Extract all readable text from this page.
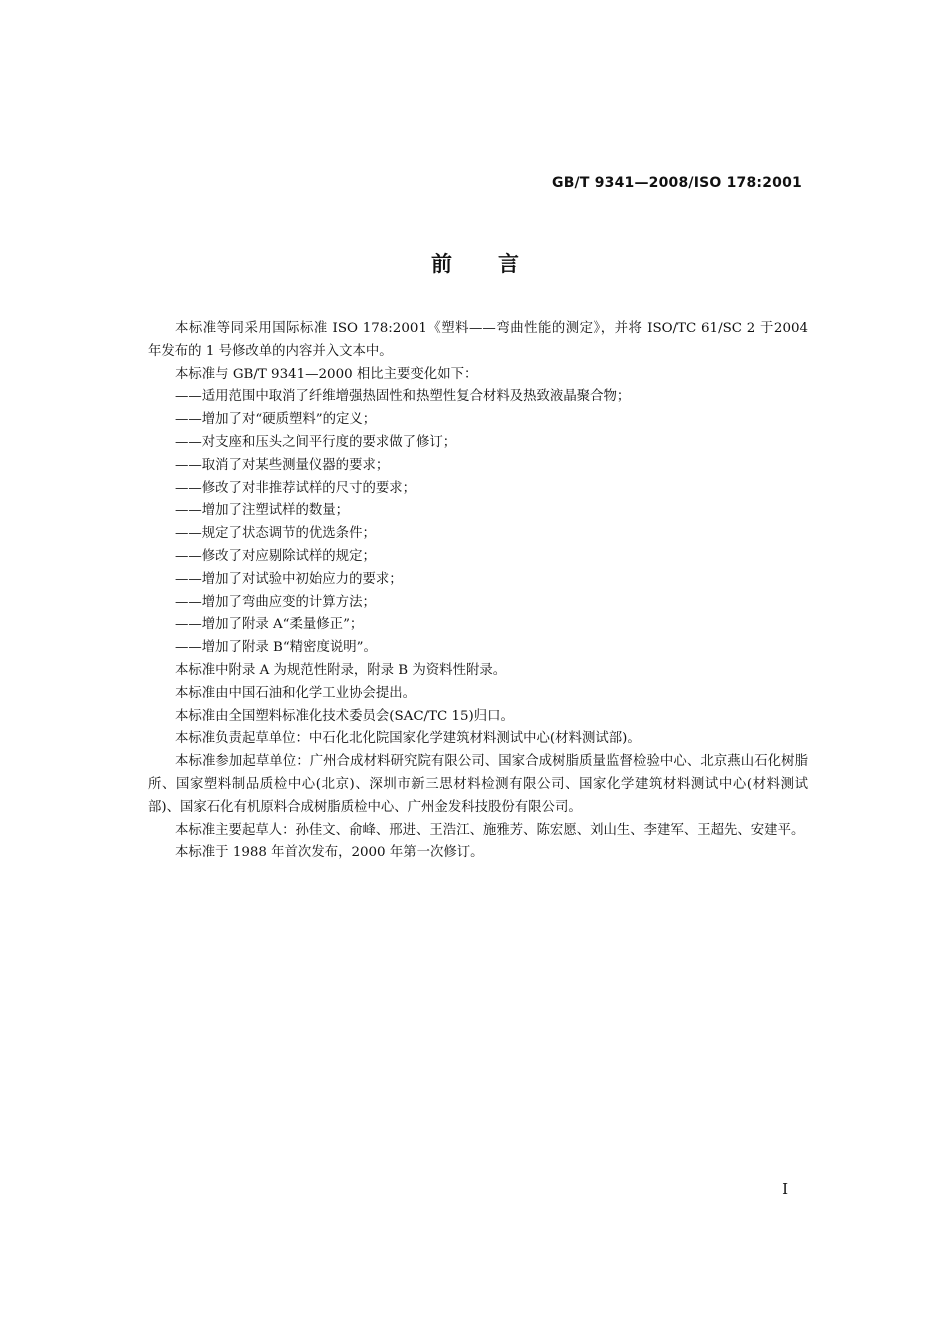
GB/T 9341—2008/ISO 178:2001
前 言

本标准等同采用国际标准 ISO 178:2001《塑料——弯曲性能的测定》，并将 ISO/TC 61/SC 2 于2004 年发布的 1 号修改单的内容并入文本中。

本标准与 GB/T 9341—2000 相比主要变化如下：

——适用范围中取消了纤维增强热固性和热塑性复合材料及热致液晶聚合物；

——增加了对“硬质塑料”的定义；

——对支座和压头之间平行度的要求做了修订；

——取消了对某些测量仪器的要求；

——修改了对非推荐试样的尺寸的要求；

——增加了注塑试样的数量；

——规定了状态调节的优选条件；

——修改了对应剔除试样的规定；

——增加了对试验中初始应力的要求；

——增加了弯曲应变的计算方法；

——增加了附录 A“柔量修正”；

——增加了附录 B“精密度说明”。

本标准中附录 A 为规范性附录，附录 B 为资料性附录。

本标准由中国石油和化学工业协会提出。

本标准由全国塑料标准化技术委员会(SAC/TC 15)归口。

本标准负责起草单位：中石化北化院国家化学建筑材料测试中心(材料测试部)。

本标准参加起草单位：广州合成材料研究院有限公司、国家合成树脂质量监督检验中心、北京燕山石化树脂所、国家塑料制品质检中心(北京)、深圳市新三思材料检测有限公司、国家化学建筑材料测试中心(材料测试部)、国家石化有机原料合成树脂质检中心、广州金发科技股份有限公司。

本标准主要起草人：孙佳文、俞峰、邢进、王浩江、施雅芳、陈宏愿、刘山生、李建军、王超先、安建平。

本标准于 1988 年首次发布，2000 年第一次修订。

I
